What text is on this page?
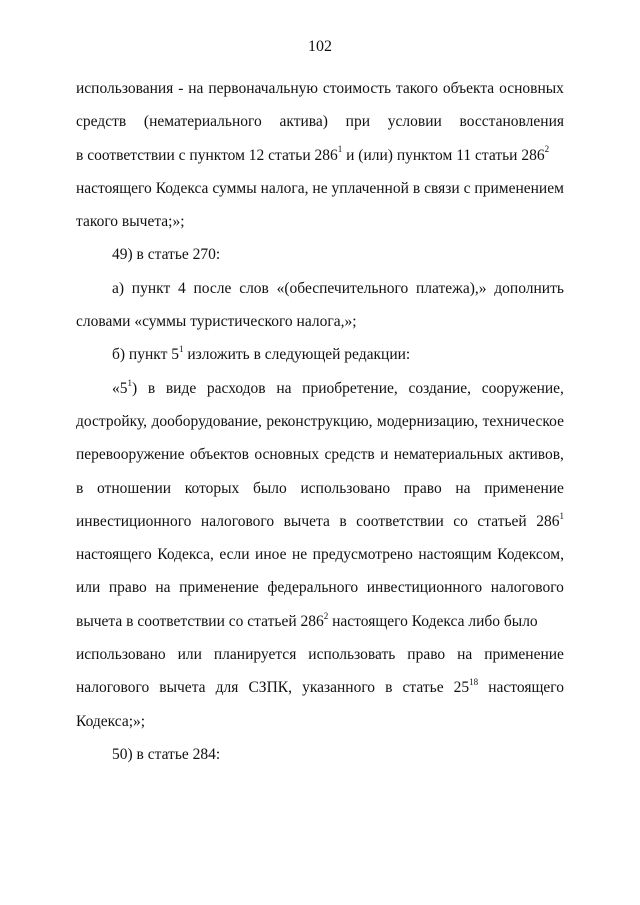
102
использования - на первоначальную стоимость такого объекта основных
средств (нематериального актива) при условии восстановления
в соответствии с пунктом 12 статьи $286^1$ и (или) пунктом 11 статьи $286^2$
настоящего Кодекса суммы налога, не уплаченной в связи с применением
такого вычета;»;
49) в статье 270:
а) пункт 4 после слов «(обеспечительного платежа),» дополнить
словами «суммы туристического налога,»;
б) пункт $5^1$ изложить в следующей редакции:
«$5^1$) в виде расходов на приобретение, создание, сооружение,
достройку, дооборудование, реконструкцию, модернизацию, техническое
перевооружение объектов основных средств и нематериальных активов,
в отношении которых было использовано право на применение
инвестиционного налогового вычета в соответствии со статьей $286^1$
настоящего Кодекса, если иное не предусмотрено настоящим Кодексом,
или право на применение федерального инвестиционного налогового
вычета в соответствии со статьей $286^2$ настоящего Кодекса либо было
использовано или планируется использовать право на применение
налогового вычета для СЗПК, указанного в статье $25^{18}$ настоящего
Кодекса;»;
50) в статье 284:
